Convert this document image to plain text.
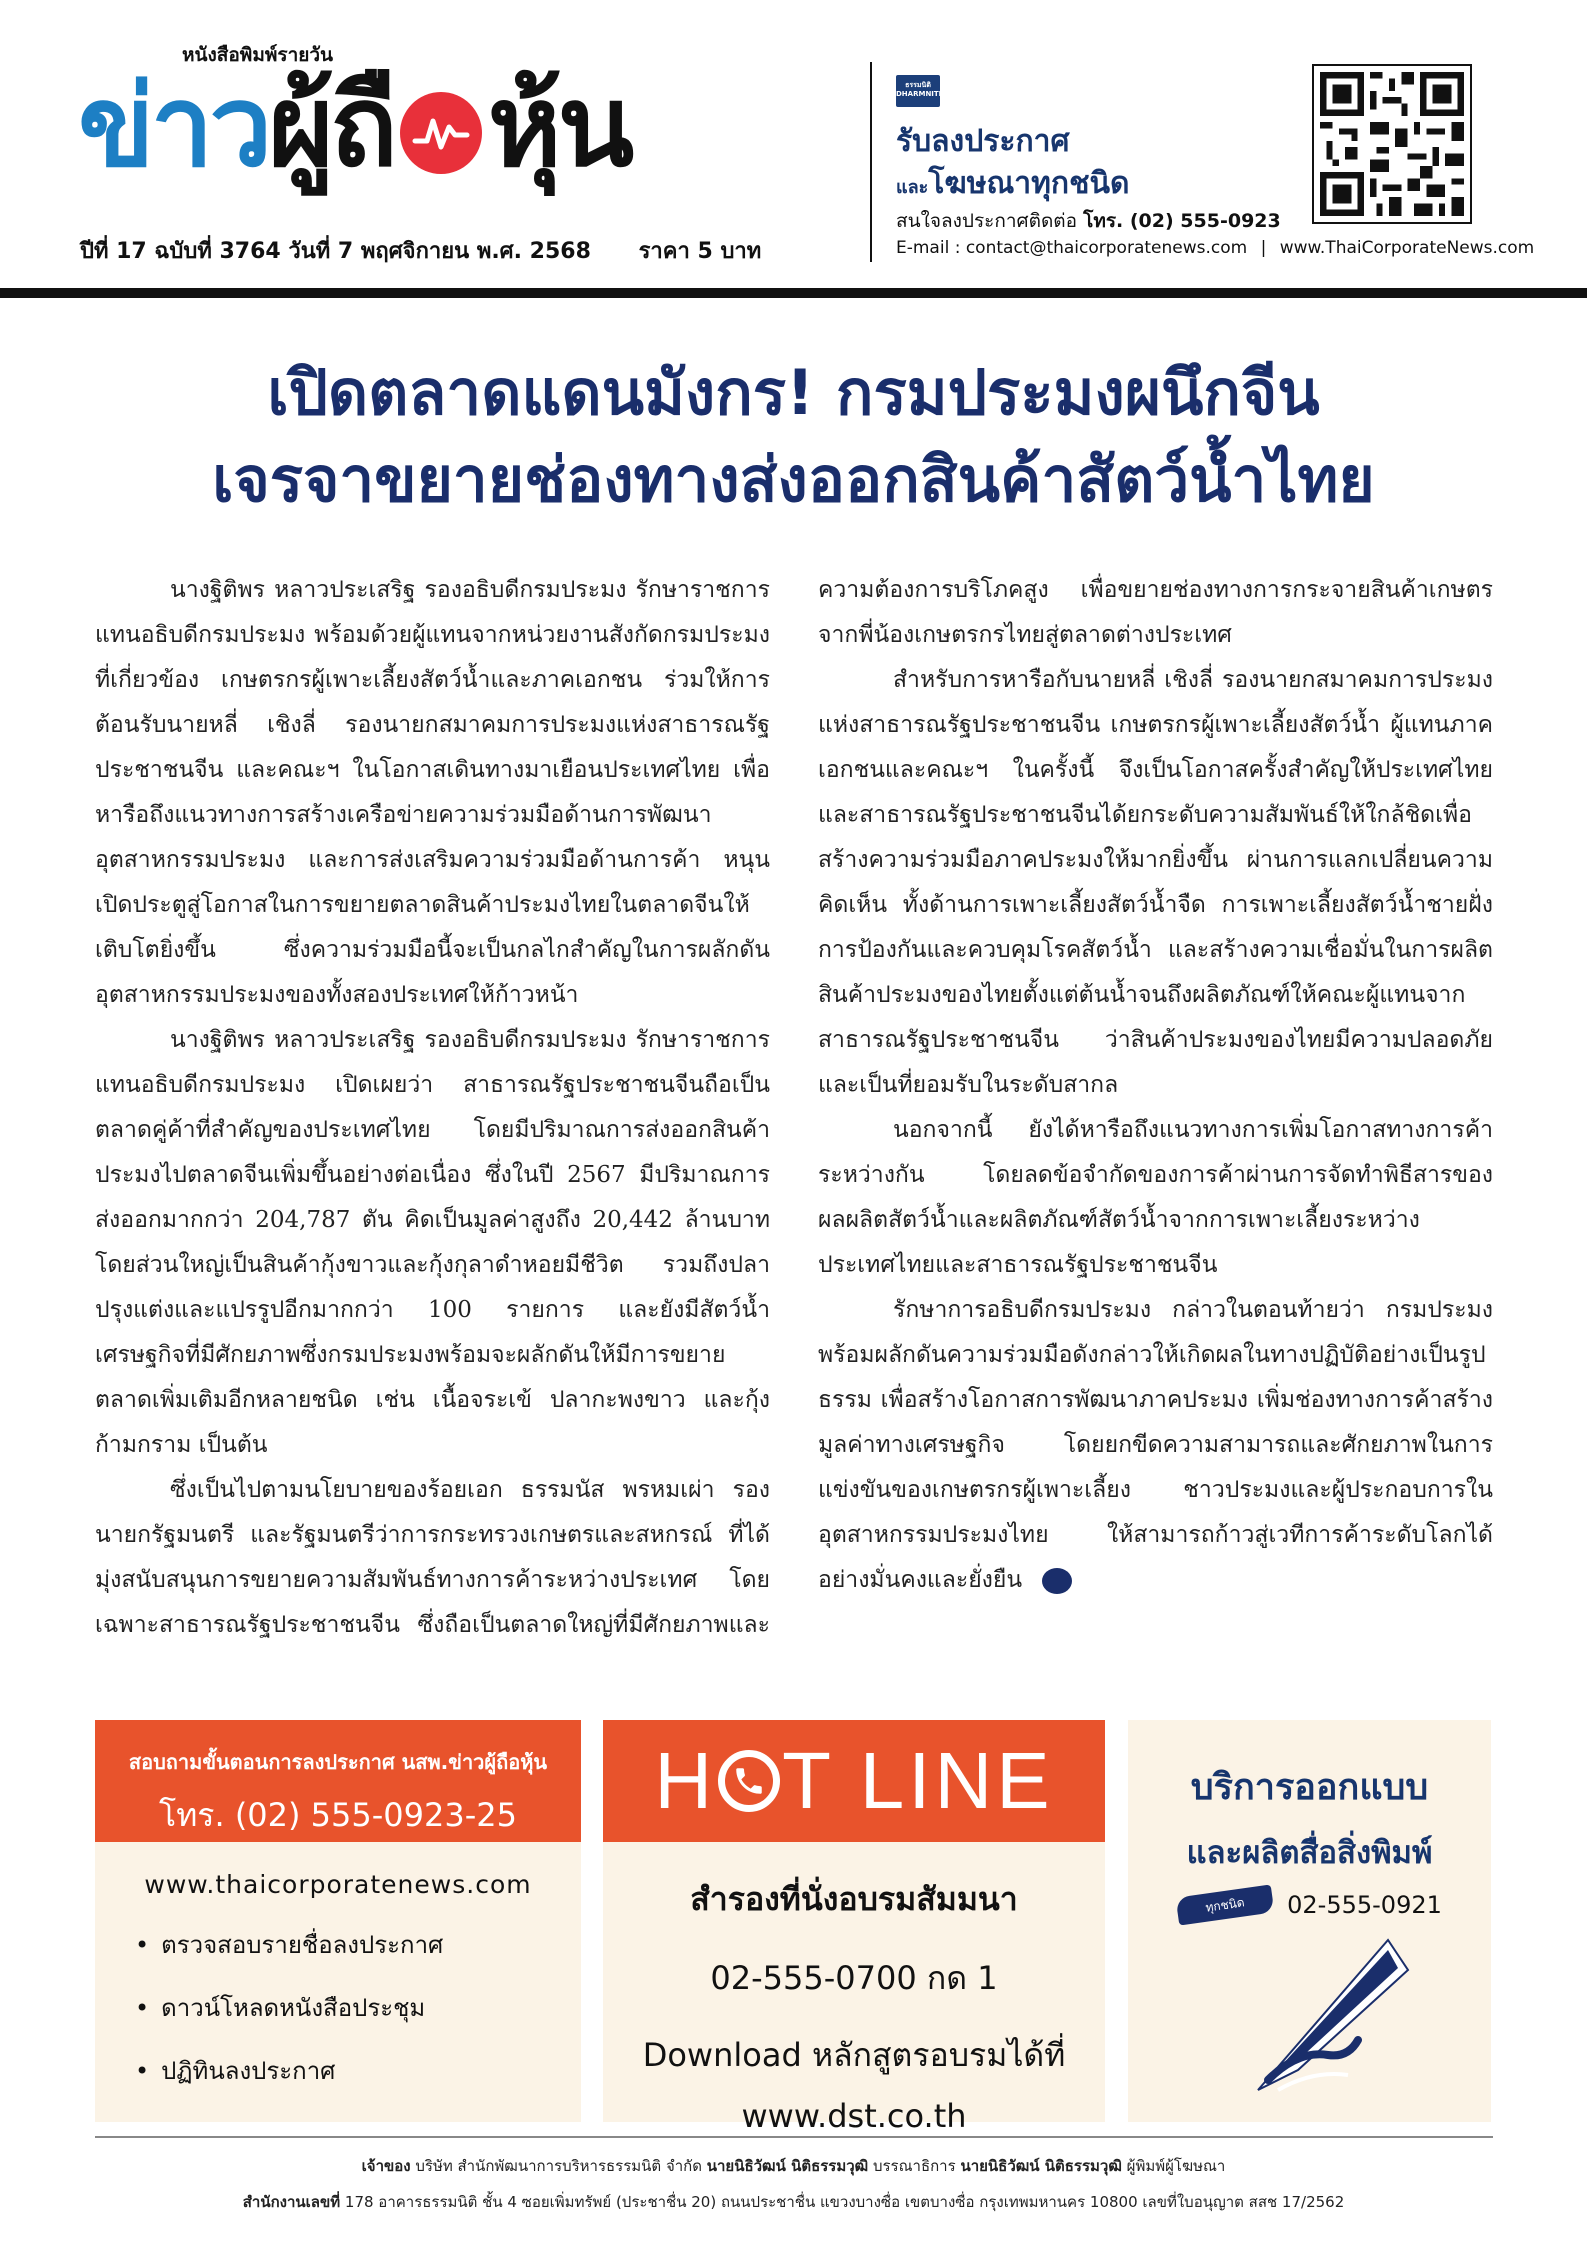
หนังสือพิมพ์รายวัน
ข่าว ผู้ถื หุ้น
ปีที่ 17 ฉบับที่ 3764 วันที่ 7 พฤศจิกายน พ.ศ. 2568 ราคา 5 บาท
ธรรมนิติ
DHARMNITI
รับลงประกาศ
และโฆษณาทุกชนิด
สนใจลงประกาศติดต่อ โทร. (02) 555-0923
E-mail : contact@thaicorporatenews.com | www.ThaiCorporateNews.com
เปิดตลาดแดนมังกร! กรมประมงผนึกจีน
เจรจาขยายช่องทางส่งออกสินค้าสัตว์น้ำไทย

นางฐิติพร หลาวประเสริฐ รองอธิบดีกรมประมง รักษาราชการแทนอธิบดีกรมประมง พร้อมด้วยผู้แทนจากหน่วยงานสังกัดกรมประมงที่เกี่ยวข้อง เกษตรกรผู้เพาะเลี้ยงสัตว์น้ำและภาคเอกชน ร่วมให้การต้อนรับนายหลี่ เชิงลี่ รองนายกสมาคมการประมงแห่งสาธารณรัฐประชาชนจีน และคณะฯ ในโอกาสเดินทางมาเยือนประเทศไทย เพื่อหารือถึงแนวทางการสร้างเครือข่ายความร่วมมือด้านการพัฒนาอุตสาหกรรมประมง และการส่งเสริมความร่วมมือด้านการค้า หนุนเปิดประตูสู่โอกาสในการขยายตลาดสินค้าประมงไทยในตลาดจีนให้เติบโตยิ่งขึ้น ซึ่งความร่วมมือนี้จะเป็นกลไกสำคัญในการผลักดันอุตสาหกรรมประมงของทั้งสองประเทศให้ก้าวหน้า

นางฐิติพร หลาวประเสริฐ รองอธิบดีกรมประมง รักษาราชการแทนอธิบดีกรมประมง เปิดเผยว่า สาธารณรัฐประชาชนจีนถือเป็นตลาดคู่ค้าที่สำคัญของประเทศไทย โดยมีปริมาณการส่งออกสินค้าประมงไปตลาดจีนเพิ่มขึ้นอย่างต่อเนื่อง ซึ่งในปี 2567 มีปริมาณการส่งออกมากกว่า 204,787 ตัน คิดเป็นมูลค่าสูงถึง 20,442 ล้านบาท โดยส่วนใหญ่เป็นสินค้ากุ้งขาวและกุ้งกุลาดำหอยมีชีวิต รวมถึงปลาปรุงแต่งและแปรรูปอีกมากกว่า 100 รายการ และยังมีสัตว์น้ำเศรษฐกิจที่มีศักยภาพซึ่งกรมประมงพร้อมจะผลักดันให้มีการขยายตลาดเพิ่มเติมอีกหลายชนิด เช่น เนื้อจระเข้ ปลากะพงขาว และกุ้งก้ามกราม เป็นต้น

ซึ่งเป็นไปตามนโยบายของร้อยเอก ธรรมนัส พรหมเผ่า รองนายกรัฐมนตรี และรัฐมนตรีว่าการกระทรวงเกษตรและสหกรณ์ ที่ได้มุ่งสนับสนุนการขยายความสัมพันธ์ทางการค้าระหว่างประเทศ โดยเฉพาะสาธารณรัฐประชาชนจีน ซึ่งถือเป็นตลาดใหญ่ที่มีศักยภาพและความต้องการบริโภคสูง เพื่อขยายช่องทางการกระจายสินค้าเกษตรจากพี่น้องเกษตรกรไทยสู่ตลาดต่างประเทศ

สำหรับการหารือกับนายหลี่ เชิงลี่ รองนายกสมาคมการประมงแห่งสาธารณรัฐประชาชนจีน เกษตรกรผู้เพาะเลี้ยงสัตว์น้ำ ผู้แทนภาคเอกชนและคณะฯ ในครั้งนี้ จึงเป็นโอกาสครั้งสำคัญให้ประเทศไทยและสาธารณรัฐประชาชนจีนได้ยกระดับความสัมพันธ์ให้ใกล้ชิดเพื่อสร้างความร่วมมือภาคประมงให้มากยิ่งขึ้น ผ่านการแลกเปลี่ยนความคิดเห็น ทั้งด้านการเพาะเลี้ยงสัตว์น้ำจืด การเพาะเลี้ยงสัตว์น้ำชายฝั่ง การป้องกันและควบคุมโรคสัตว์น้ำ และสร้างความเชื่อมั่นในการผลิตสินค้าประมงของไทยตั้งแต่ต้นน้ำจนถึงผลิตภัณฑ์ให้คณะผู้แทนจากสาธารณรัฐประชาชนจีน ว่าสินค้าประมงของไทยมีความปลอดภัย และเป็นที่ยอมรับในระดับสากล

นอกจากนี้ ยังได้หารือถึงแนวทางการเพิ่มโอกาสทางการค้าระหว่างกัน โดยลดข้อจำกัดของการค้าผ่านการจัดทำพิธีสารของผลผลิตสัตว์น้ำและผลิตภัณฑ์สัตว์น้ำจากการเพาะเลี้ยงระหว่างประเทศไทยและสาธารณรัฐประชาชนจีน

รักษาการอธิบดีกรมประมง กล่าวในตอนท้ายว่า กรมประมงพร้อมผลักดันความร่วมมือดังกล่าวให้เกิดผลในทางปฏิบัติอย่างเป็นรูปธรรม เพื่อสร้างโอกาสการพัฒนาภาคประมง เพิ่มช่องทางการค้าสร้างมูลค่าทางเศรษฐกิจ โดยยกขีดความสามารถและศักยภาพในการแข่งขันของเกษตรกรผู้เพาะเลี้ยง ชาวประมงและผู้ประกอบการในอุตสาหกรรมประมงไทย ให้สามารถก้าวสู่เวทีการค้าระดับโลกได้อย่างมั่นคงและยั่งยืน

สอบถามขั้นตอนการลงประกาศ นสพ.ข่าวผู้ถือหุ้น
โทร. (02) 555-0923-25
www.thaicorporatenews.com
• ตรวจสอบรายชื่อลงประกาศ
• ดาวน์โหลดหนังสือประชุม
• ปฏิทินลงประกาศ
H T LINE
สำรองที่นั่งอบรมสัมมนา
02-555-0700 กด 1
Download หลักสูตรอบรมได้ที่
www.dst.co.th
บริการออกแบบ
และผลิตสื่อสิ่งพิมพ์
ทุกชนิด	02-555-0921
เจ้าของ บริษัท สำนักพัฒนาการบริหารธรรมนิติ จำกัด นายนิธิวัฒน์ นิติธรรมวุฒิ บรรณาธิการ นายนิธิวัฒน์ นิติธรรมวุฒิ ผู้พิมพ์ผู้โฆษณา
สำนักงานเลขที่ 178 อาคารธรรมนิติ ชั้น 4 ซอยเพิ่มทรัพย์ (ประชาชื่น 20) ถนนประชาชื่น แขวงบางซื่อ เขตบางซื่อ กรุงเทพมหานคร 10800 เลขที่ใบอนุญาต สสช 17/2562
